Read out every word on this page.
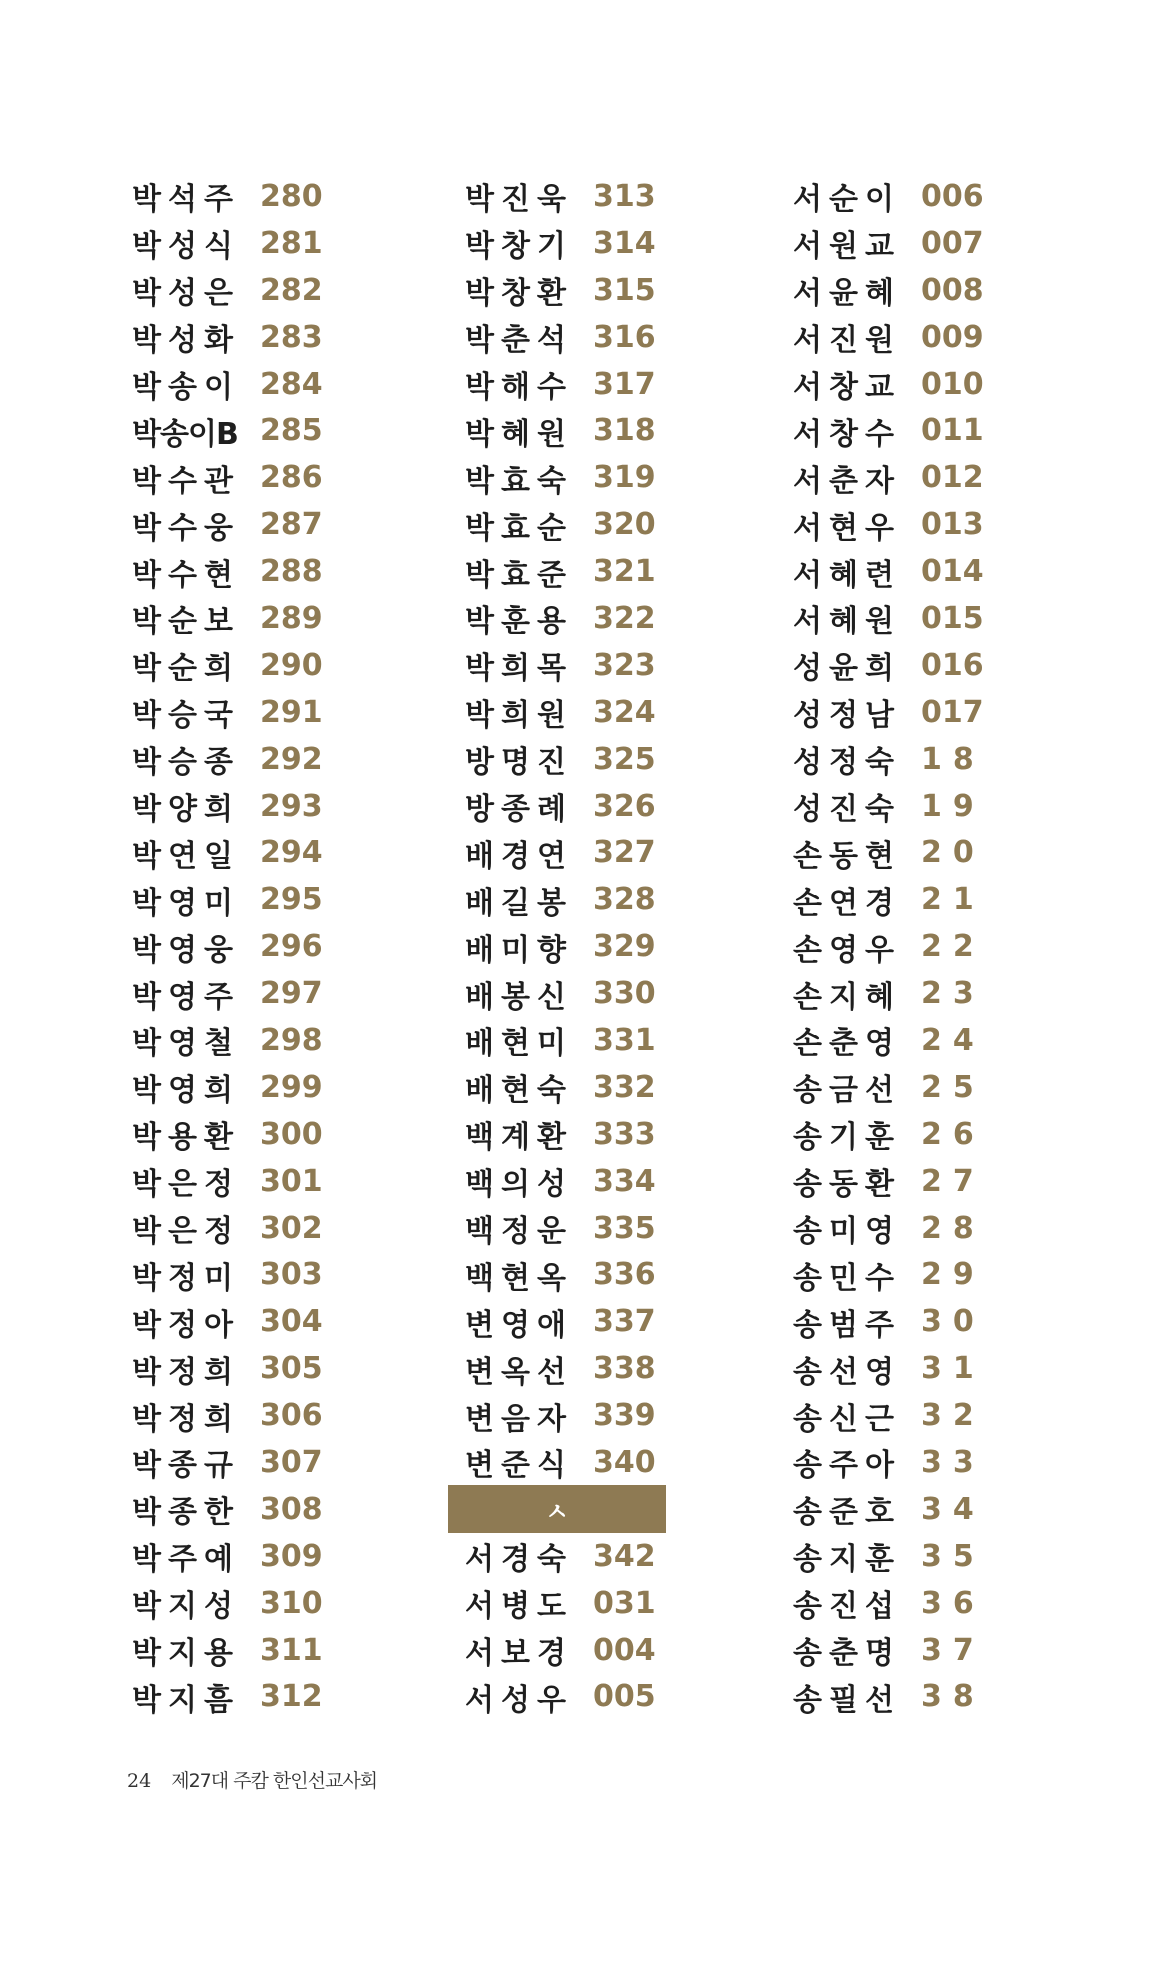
박석주 280
박성식 281
박성은 282
박성화 283
박송이 284
박송이B 285
박수관 286
박수웅 287
박수현 288
박순보 289
박순희 290
박승국 291
박승종 292
박양희 293
박연일 294
박영미 295
박영웅 296
박영주 297
박영철 298
박영희 299
박용환 300
박은정 301
박은정 302
박정미 303
박정아 304
박정희 305
박정희 306
박종규 307
박종한 308
박주예 309
박지성 310
박지용 311
박지흠 312
박진욱 313
박창기 314
박창환 315
박춘석 316
박해수 317
박혜원 318
박효숙 319
박효순 320
박효준 321
박훈용 322
박희목 323
박희원 324
방명진 325
방종례 326
배경연 327
배길봉 328
배미향 329
배봉신 330
배현미 331
배현숙 332
백계환 333
백의성 334
백정운 335
백현옥 336
변영애 337
변옥선 338
변음자 339
변준식 340
ㅅ
서경숙 342
서병도 031
서보경 004
서성우 005
서순이 006
서원교 007
서윤혜 008
서진원 009
서창교 010
서창수 011
서춘자 012
서현우 013
서혜련 014
서혜원 015
성윤희 016
성정남 017
성정숙 18
성진숙 19
손동현 20
손연경 21
손영우 22
손지혜 23
손춘영 24
송금선 25
송기훈 26
송동환 27
송미영 28
송민수 29
송범주 30
송선영 31
송신근 32
송주아 33
송준호 34
송지훈 35
송진섭 36
송춘명 37
송필선 38
24 제27대 주캄 한인선교사회
